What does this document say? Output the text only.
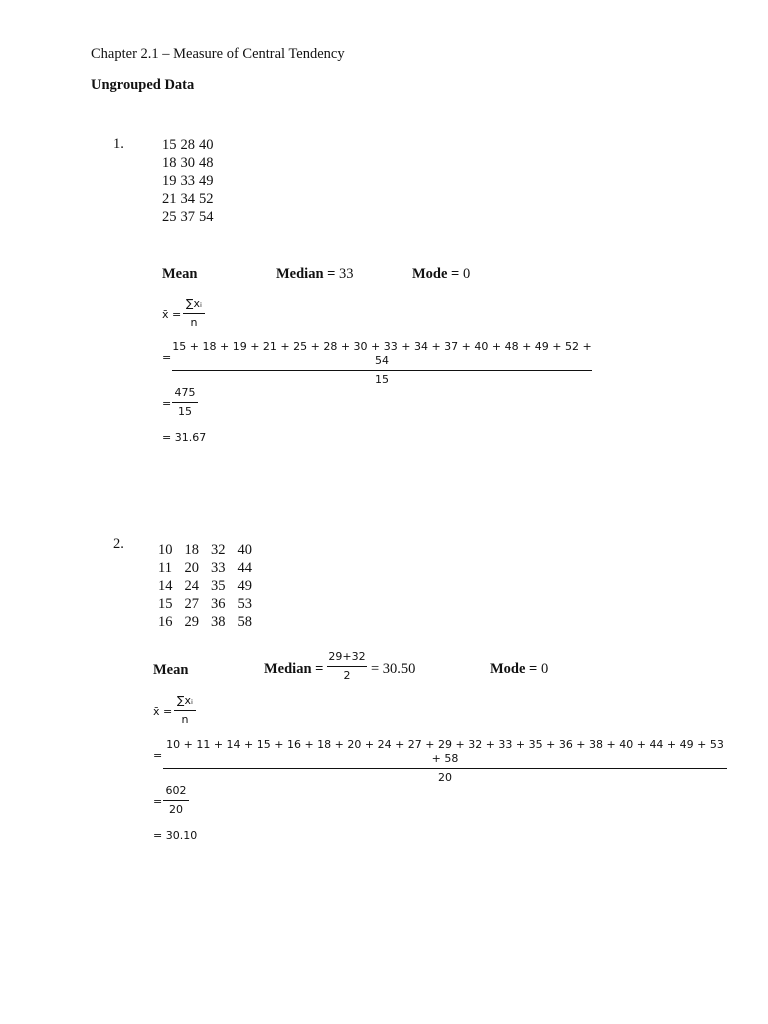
Chapter 2.1 – Measure of Central Tendency
Ungrouped Data
1.	15	28	40
18	30	48
19	33	49
21	34	52
25	37	54
Mean	Median = 33	Mode = 0
x̄ =
∑xᵢ
n
=
15 + 18 + 19 + 21 + 25 + 28 + 30 + 33 + 34 + 37 + 40 + 48 + 49 + 52 + 54
15
=
475
15
= 31.67
2. 10	18	32	40
11	20	33	44
14	24	35	49
15	27	36	53
16	29	38	58
Mean	Median =
29+32
2	= 30.50	Mode = 0
x̄ =
∑xᵢ
n
=
10 + 11 + 14 + 15 + 16 + 18 + 20 + 24 + 27 + 29 + 32 + 33 + 35 + 36 + 38 + 40 + 44 + 49 + 53 + 58
20
=
602
20
= 30.10
